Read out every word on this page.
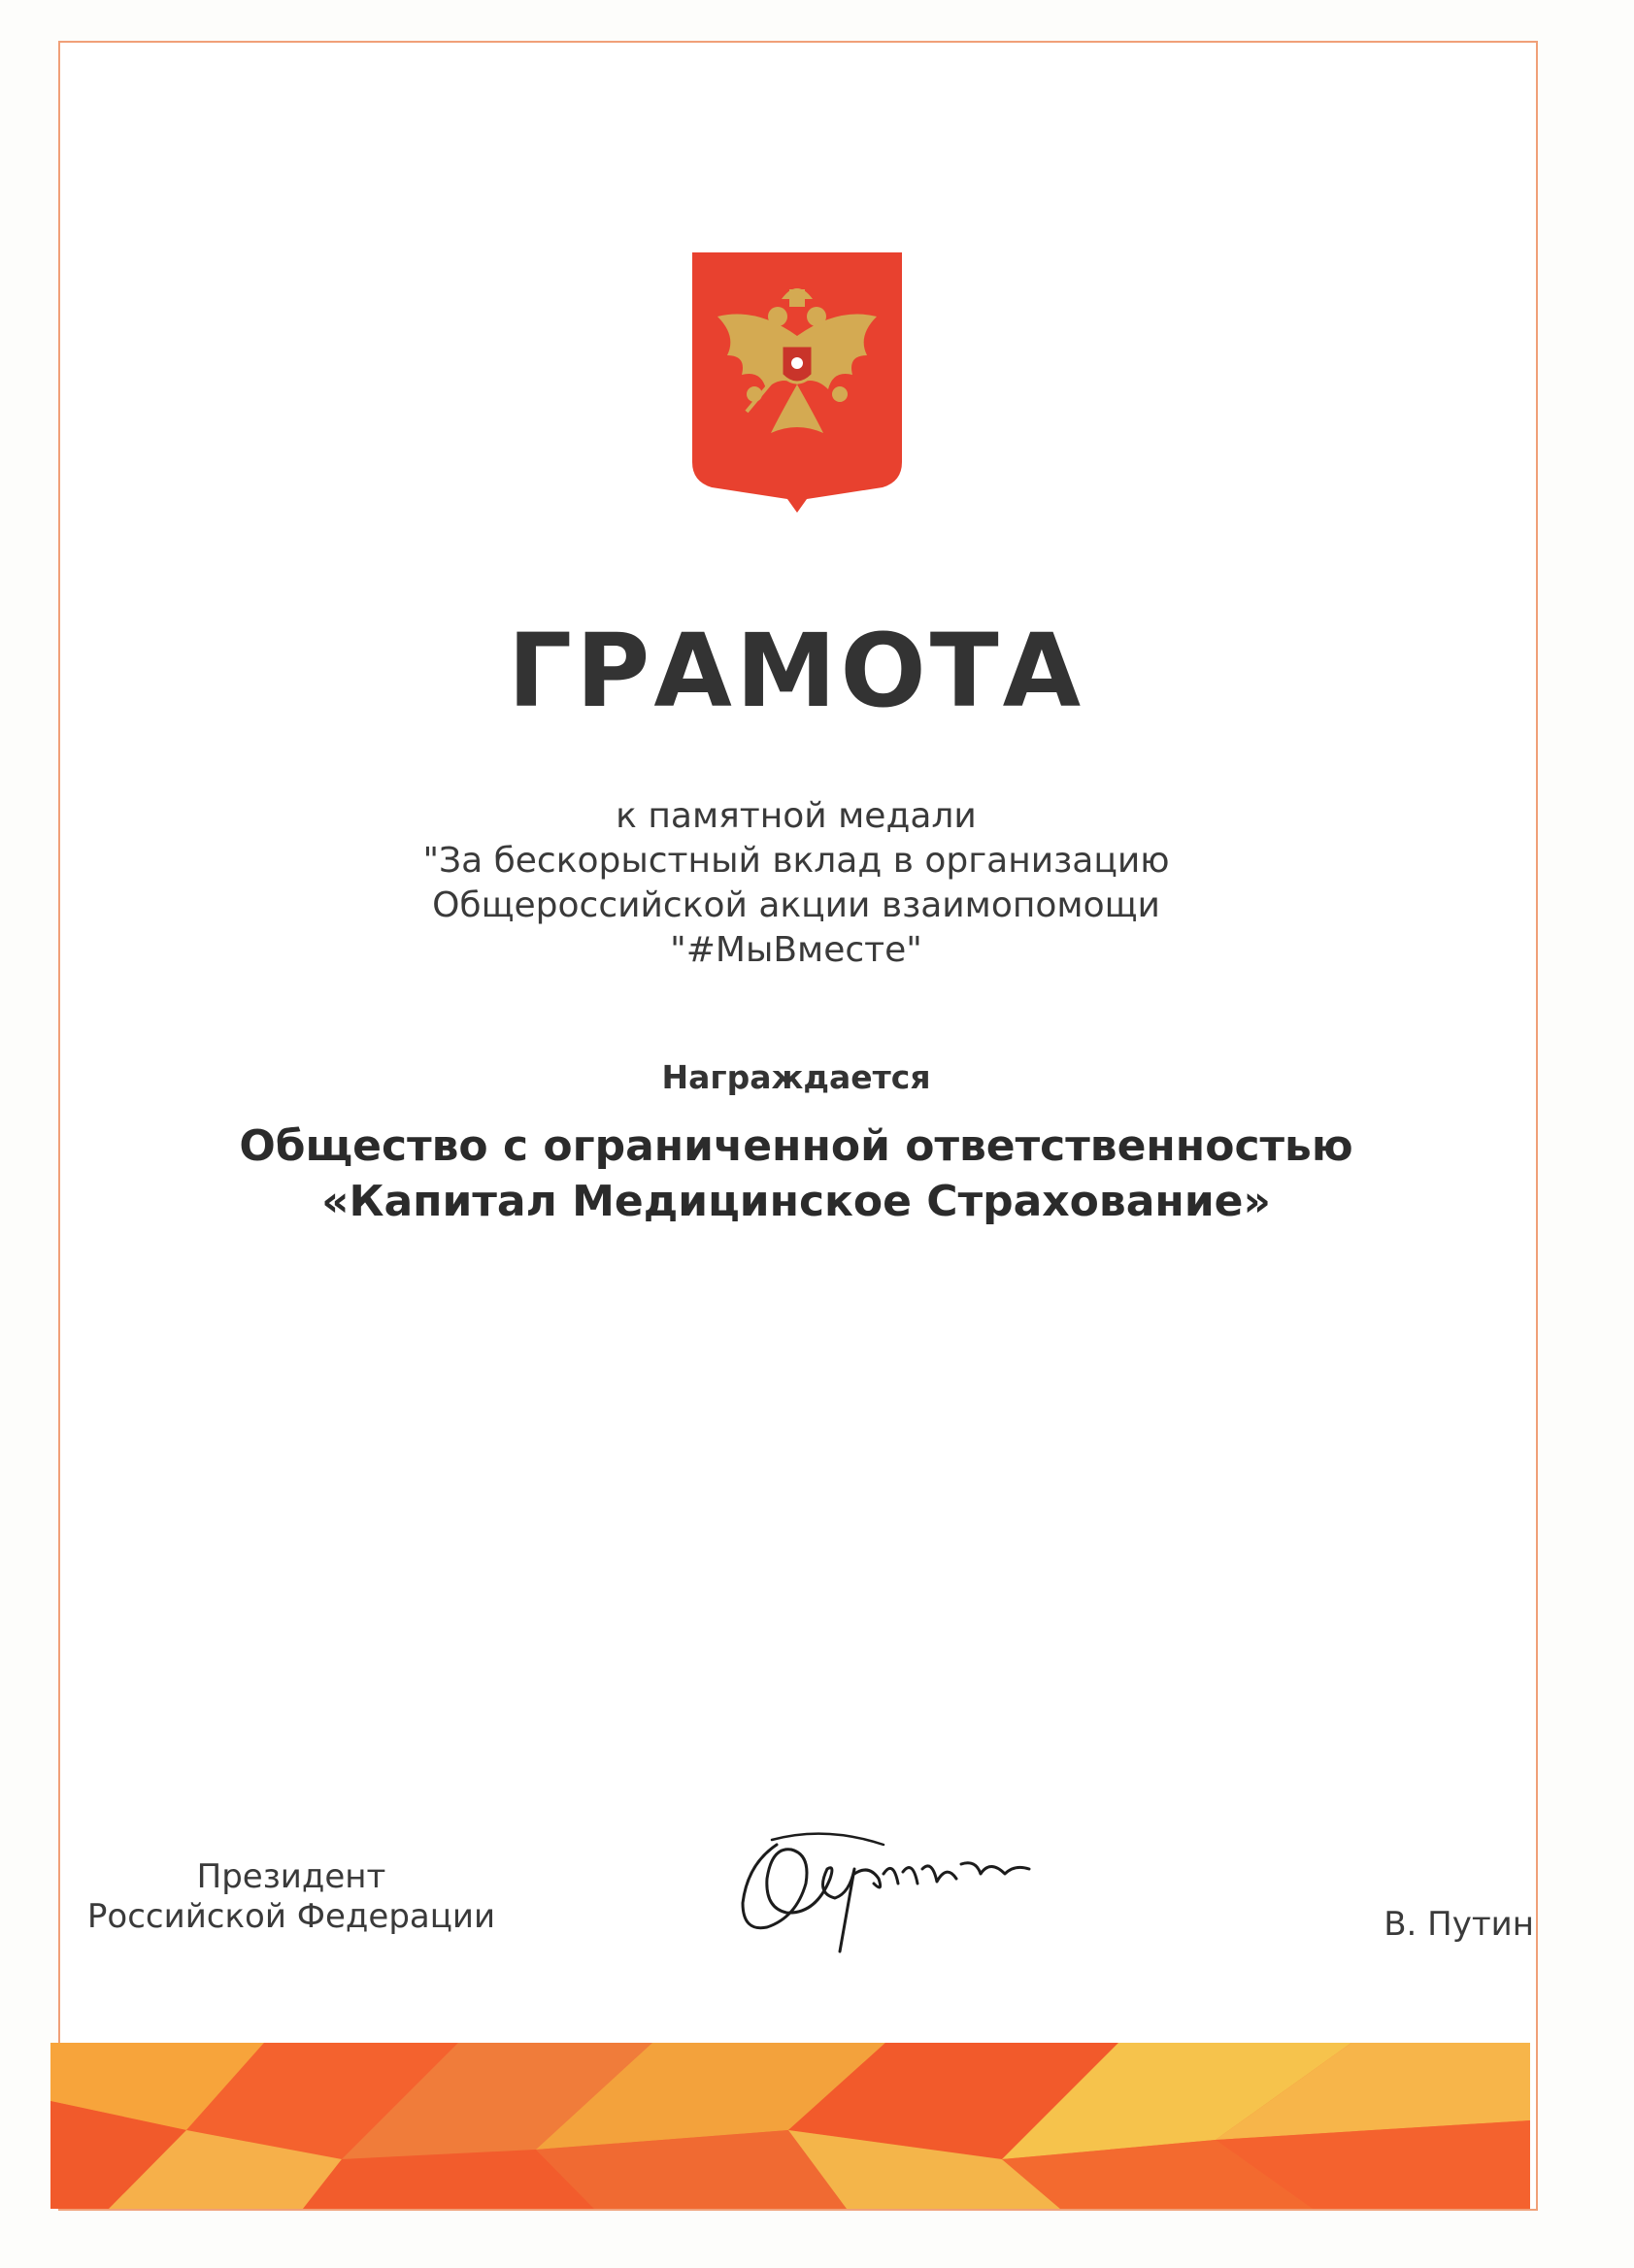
ГРАМОТА
к памятной медали
"За бескорыстный вклад в организацию
Общероссийской акции взаимопомощи
"#МыВместе"
Награждается
Общество с ограниченной ответственностью
«Капитал Медицинское Страхование»
Президент
Российской Федерации	В. Путин
